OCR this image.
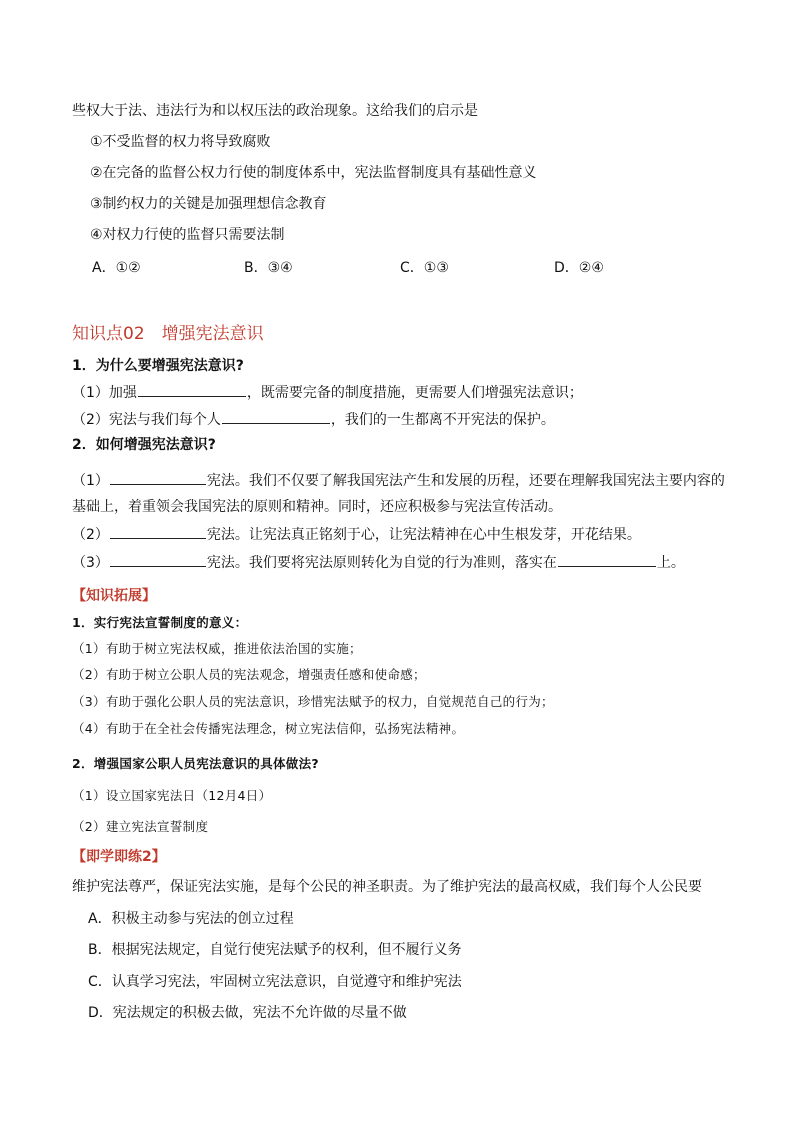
些权大于法、违法行为和以权压法的政治现象。这给我们的启示是
①不受监督的权力将导致腐败
②在完备的监督公权力行使的制度体系中，宪法监督制度具有基础性意义
③制约权力的关键是加强理想信念教育
④对权力行使的监督只需要法制
A．①②	B．③④	C．①③	D．②④
知识点02　增强宪法意识
1．为什么要增强宪法意识?
（1）加强	，既需要完备的制度措施，更需要人们增强宪法意识；
（2）宪法与我们每个人	，我们的一生都离不开宪法的保护。
2．如何增强宪法意识?
（1）	宪法。我们不仅要了解我国宪法产生和发展的历程，还要在理解我国宪法主要内容的
基础上，着重领会我国宪法的原则和精神。同时，还应积极参与宪法宣传活动。
（2）	宪法。让宪法真正铭刻于心，让宪法精神在心中生根发芽，开花结果。
（3）	宪法。我们要将宪法原则转化为自觉的行为准则，落实在	上。
【知识拓展】
1．实行宪法宣誓制度的意义：
（1）有助于树立宪法权威，推进依法治国的实施；
（2）有助于树立公职人员的宪法观念，增强责任感和使命感；
（3）有助于强化公职人员的宪法意识，珍惜宪法赋予的权力，自觉规范自己的行为；
（4）有助于在全社会传播宪法理念，树立宪法信仰，弘扬宪法精神。
2．增强国家公职人员宪法意识的具体做法?
（1）设立国家宪法日（12月4日）
（2）建立宪法宣誓制度
【即学即练2】
维护宪法尊严，保证宪法实施，是每个公民的神圣职责。为了维护宪法的最高权威，我们每个人公民要
A．积极主动参与宪法的创立过程
B．根据宪法规定，自觉行使宪法赋予的权利，但不履行义务
C．认真学习宪法，牢固树立宪法意识，自觉遵守和维护宪法
D．宪法规定的积极去做，宪法不允许做的尽量不做
